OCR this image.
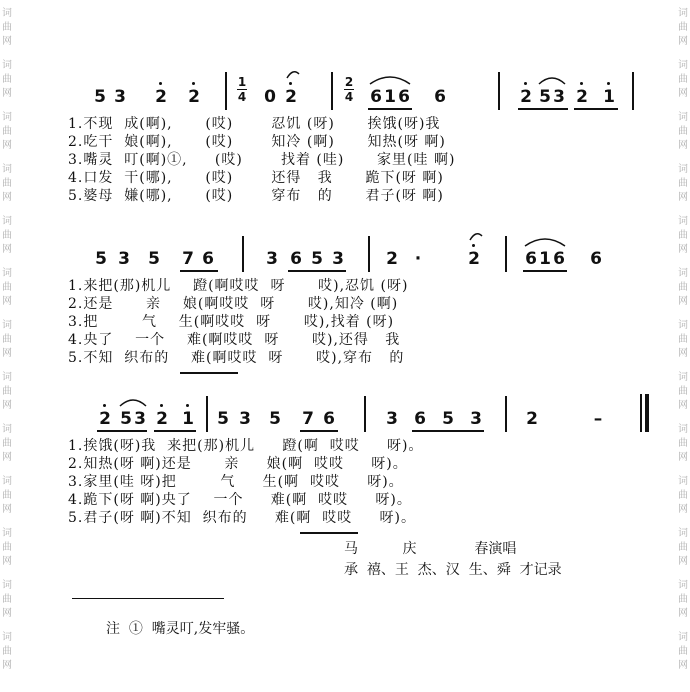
词
曲
网
词
曲
网
词
曲
网
词
曲
网
词
曲
网
词
曲
网
词
曲
网
词
曲
网
词
曲
网
词
曲
网
词
曲
网
词
曲
网
词
曲
网
词
曲
网
词
曲
网
词
曲
网
词
曲
网
词
曲
网
词
曲
网
词
曲
网
词
曲
网
词
曲
网
词
曲
网
词
曲
网
词
曲
网
词
曲
网
5 3 2 2
1
4 0 2
2
4 6 1 6 6	2 5 3 2 1
1.不现  成(啊),      (哎)       忍饥 (呀)      挨饿(呀)我
2.吃干  娘(啊),      (哎)       知冷 (啊)      知热(呀 啊)
3.嘴灵  叮(啊)①,     (哎)       找着 (哇)      家里(哇 啊)
4.口发  干(哪),      (哎)       还得   我      跪下(呀 啊)
5.婆母  嫌(哪),      (哎)       穿布   的      君子(呀 啊)
5 3 5 7 6	3 6 5 3 2 ·	2	6 1 6 6
1.来把(那)机儿    蹬(啊哎哎  呀      哎),忍饥 (呀)
2.还是      亲    娘(啊哎哎  呀      哎),知冷 (啊)
3.把        气    生(啊哎哎  呀      哎),找着 (呀)
4.央了    一个    难(啊哎哎  呀      哎),还得   我
5.不知  织布的    难(啊哎哎  呀      哎),穿布   的
2 5 3 2 1 5 3 5 7 6	3 6 5 3	2	–
1.挨饿(呀)我  来把(那)机儿     蹬(啊  哎哎     呀)。
2.知热(呀 啊)还是      亲     娘(啊  哎哎     呀)。
3.家里(哇 呀)把        气     生(啊  哎哎     呀)。
4.跪下(呀 啊)央了    一个     难(啊  哎哎     呀)。
5.君子(呀 啊)不知  织布的     难(啊  哎哎     呀)。
马          庆             春演唱
承  禧、王  杰、汉  生、舜  才记录
注  ①  嘴灵叮,发牢骚。
